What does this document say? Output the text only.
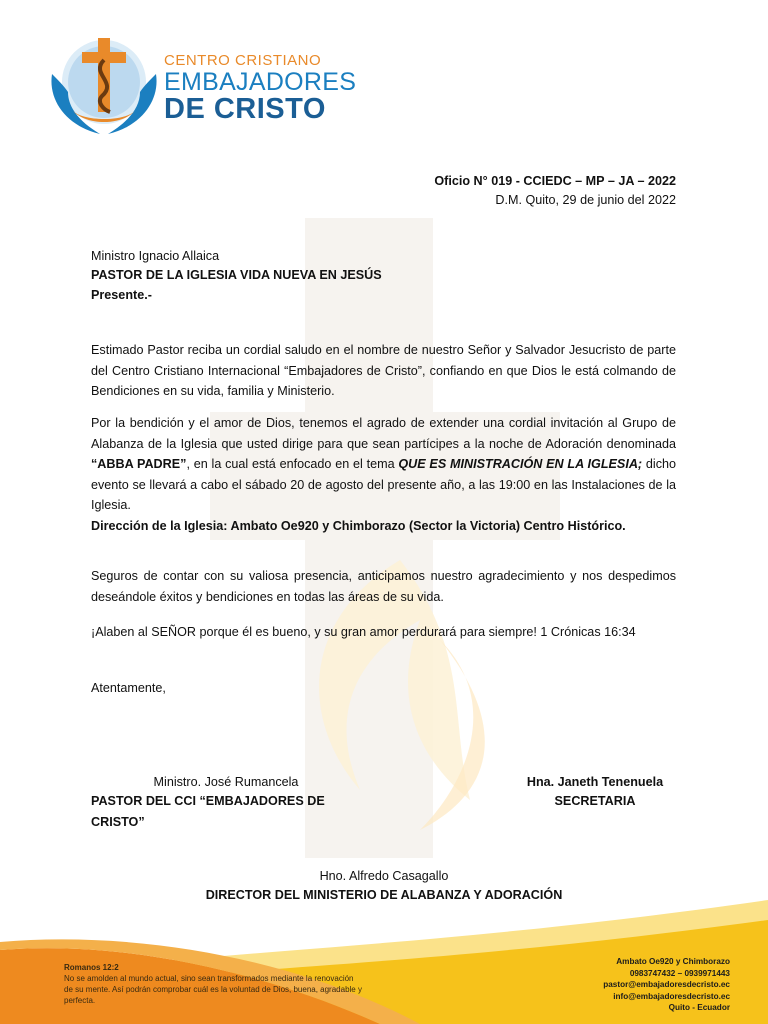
CENTRO CRISTIANO
EMBAJADORES
DE CRISTO
Oficio N° 019 - CCIEDC – MP – JA – 2022
D.M. Quito, 29 de junio del 2022
Ministro Ignacio Allaica
PASTOR DE LA IGLESIA VIDA NUEVA EN JESÚS
Presente.-

Estimado Pastor reciba un cordial saludo en el nombre de nuestro Señor y Salvador Jesucristo de parte del Centro Cristiano Internacional “Embajadores de Cristo”, confiando en que Dios le está colmando de Bendiciones en su vida, familia y Ministerio.

Por la bendición y el amor de Dios, tenemos el agrado de extender una cordial invitación al Grupo de Alabanza de la Iglesia que usted dirige para que sean partícipes a la noche de Adoración denominada “ABBA PADRE”, en la cual está enfocado en el tema QUE ES MINISTRACIÓN EN LA IGLESIA; dicho evento se llevará a cabo el sábado 20 de agosto del presente año, a las 19:00 en las Instalaciones de la Iglesia.

Dirección de la Iglesia: Ambato Oe920 y Chimborazo (Sector la Victoria) Centro Histórico.

Seguros de contar con su valiosa presencia, anticipamos nuestro agradecimiento y nos despedimos deseándole éxitos y bendiciones en todas las áreas de su vida.

¡Alaben al SEÑOR porque él es bueno, y su gran amor perdurará para siempre! 1 Crónicas 16:34
Atentamente,
Ministro. José Rumancela
PASTOR DEL CCI “EMBAJADORES DE CRISTO”
Hna. Janeth Tenenuela
SECRETARIA
Hno. Alfredo Casagallo
DIRECTOR DEL MINISTERIO DE ALABANZA Y ADORACIÓN
Romanos 12:2
No se amolden al mundo actual, sino sean transformados mediante la renovación de su mente. Así podrán comprobar cuál es la voluntad de Dios, buena, agradable y perfecta.
Ambato Oe920 y Chimborazo
0983747432 – 0939971443
pastor@embajadoresdecristo.ec
info@embajadoresdecristo.ec
Quito - Ecuador
